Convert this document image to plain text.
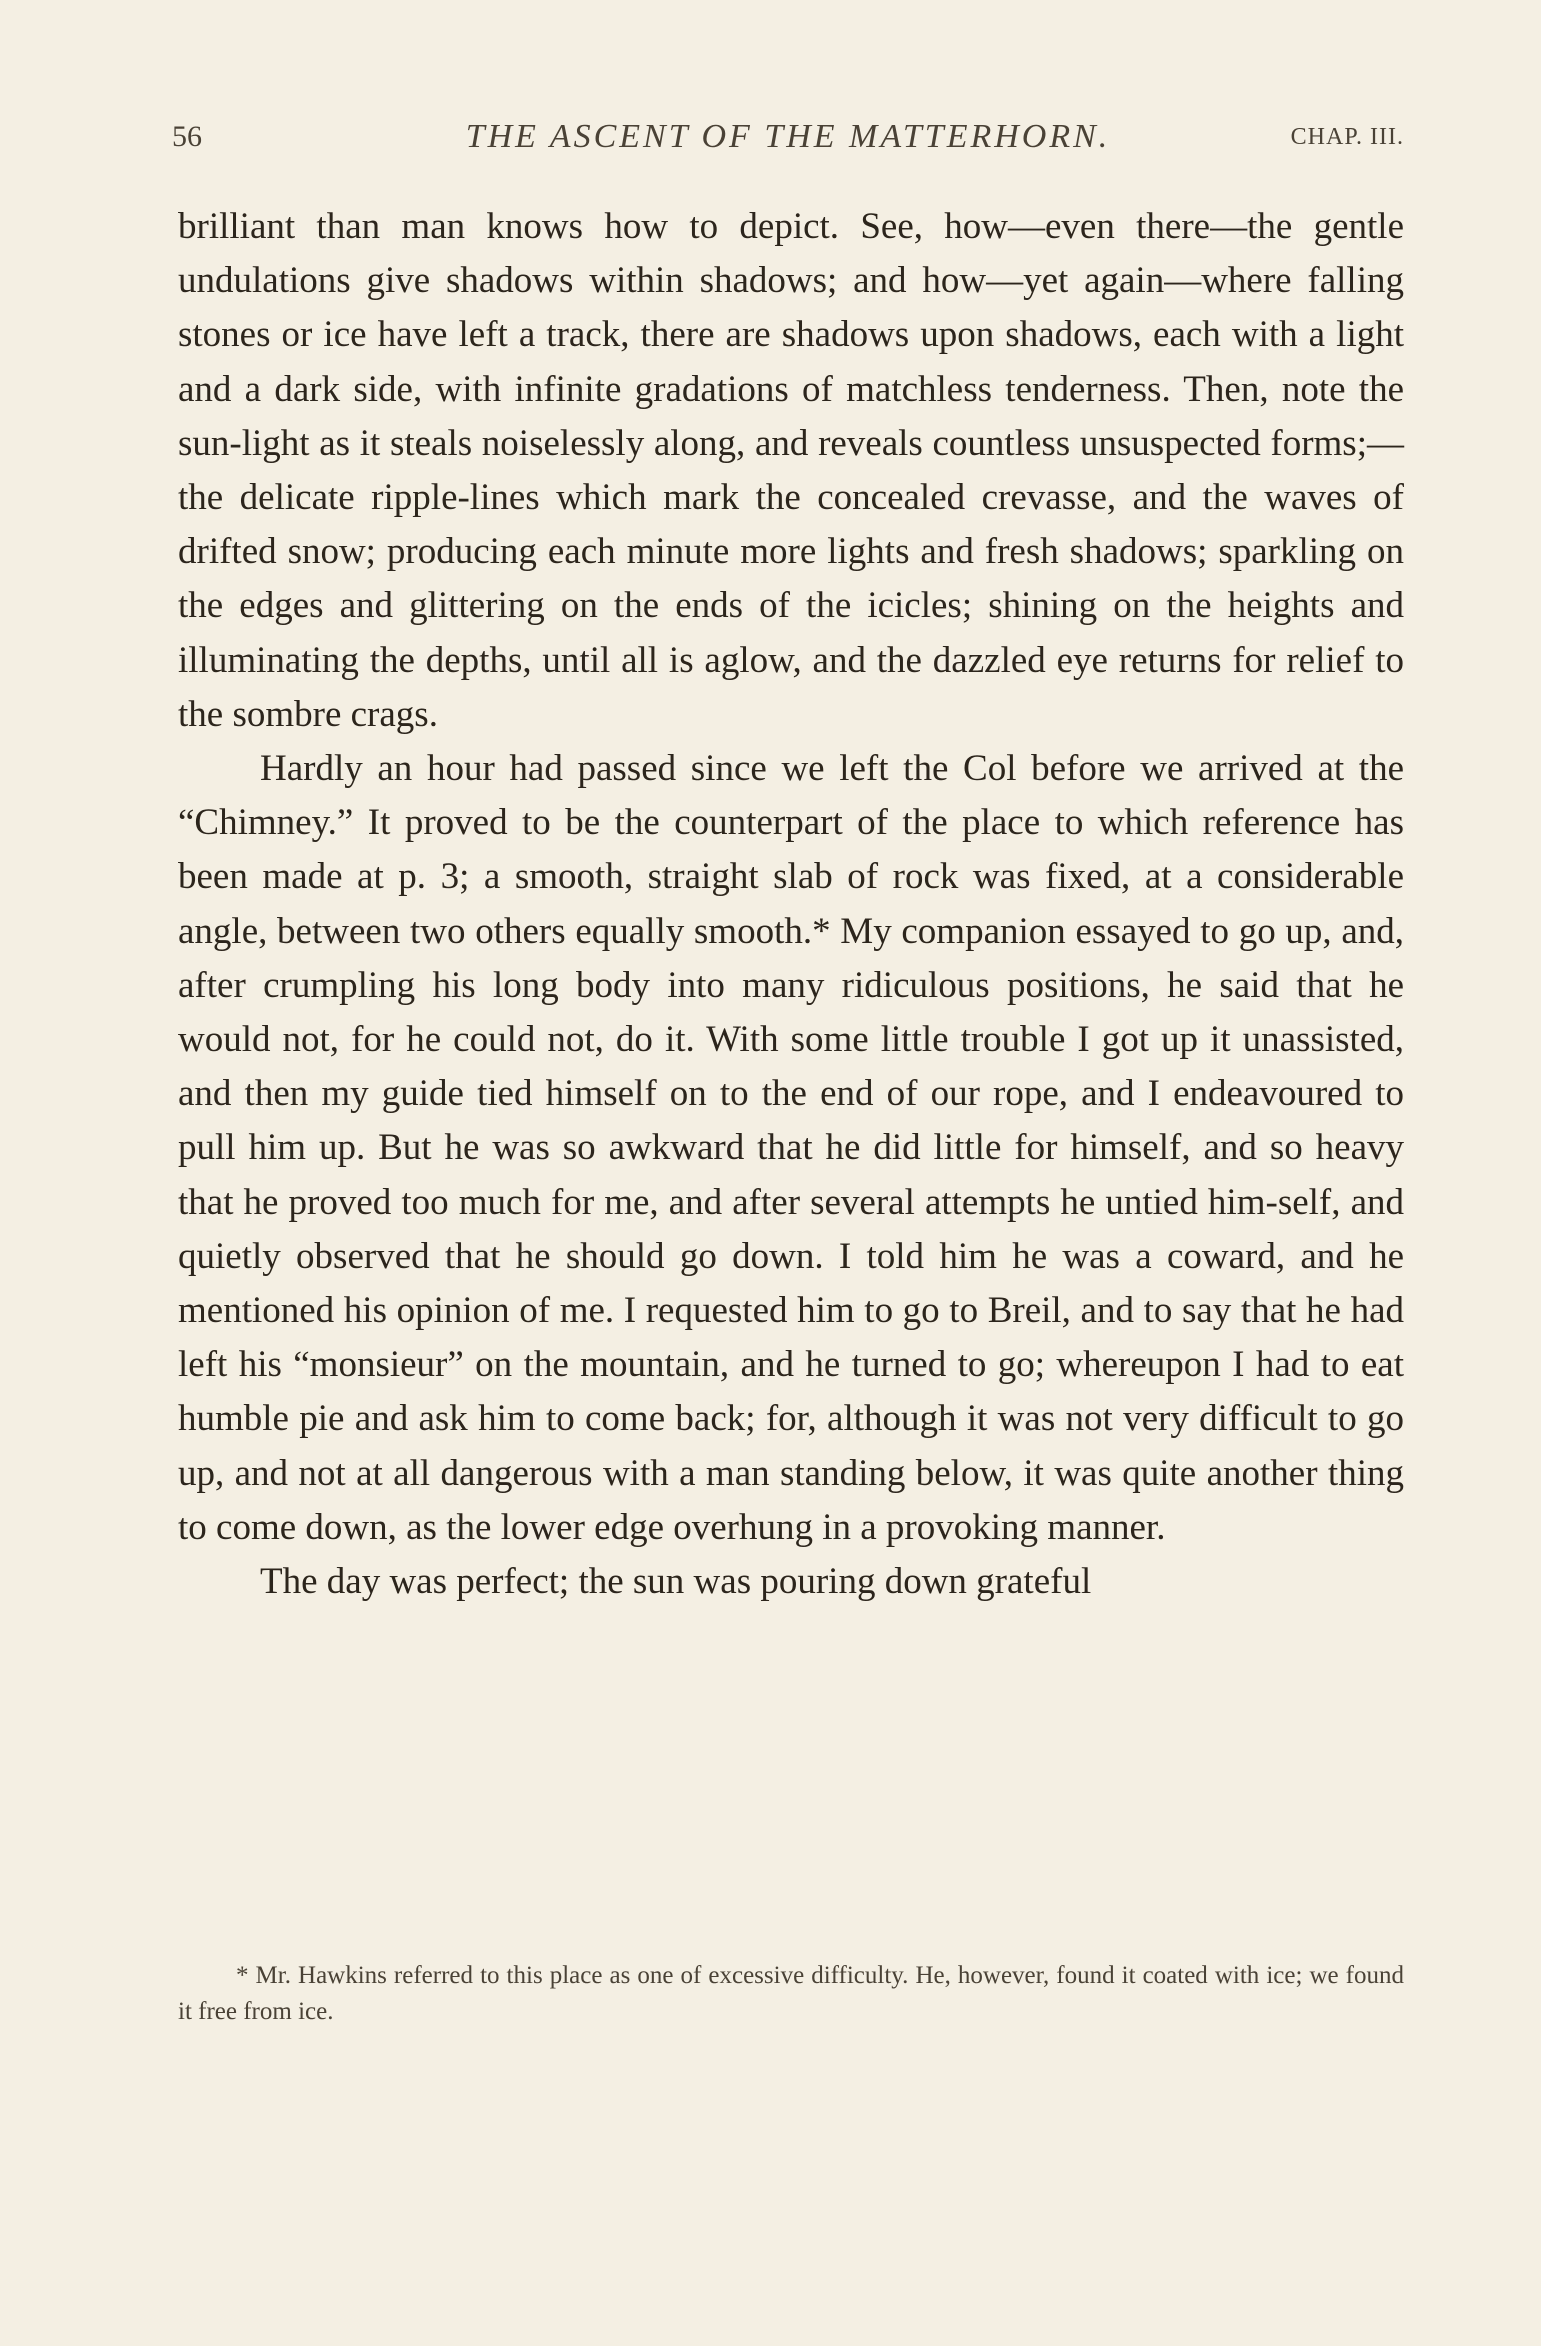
56	THE ASCENT OF THE MATTERHORN.	CHAP. III.

brilliant than man knows how to depict. See, how—even there—the gentle undulations give shadows within shadows; and how—yet again—where falling stones or ice have left a track, there are shadows upon shadows, each with a light and a dark side, with infinite gradations of matchless tenderness. Then, note the sun-light as it steals noiselessly along, and reveals countless unsuspected forms;—the delicate ripple-lines which mark the concealed crevasse, and the waves of drifted snow; producing each minute more lights and fresh shadows; sparkling on the edges and glittering on the ends of the icicles; shining on the heights and illuminating the depths, until all is aglow, and the dazzled eye returns for relief to the sombre crags.

Hardly an hour had passed since we left the Col before we arrived at the “Chimney.” It proved to be the counterpart of the place to which reference has been made at p. 3; a smooth, straight slab of rock was fixed, at a considerable angle, between two others equally smooth.* My companion essayed to go up, and, after crumpling his long body into many ridiculous positions, he said that he would not, for he could not, do it. With some little trouble I got up it unassisted, and then my guide tied himself on to the end of our rope, and I endeavoured to pull him up. But he was so awkward that he did little for himself, and so heavy that he proved too much for me, and after several attempts he untied him-self, and quietly observed that he should go down. I told him he was a coward, and he mentioned his opinion of me. I requested him to go to Breil, and to say that he had left his “monsieur” on the mountain, and he turned to go; whereupon I had to eat humble pie and ask him to come back; for, although it was not very difficult to go up, and not at all dangerous with a man standing below, it was quite another thing to come down, as the lower edge overhung in a provoking manner.

The day was perfect; the sun was pouring down grateful

* Mr. Hawkins referred to this place as one of excessive difficulty. He, however, found it coated with ice; we found it free from ice.
